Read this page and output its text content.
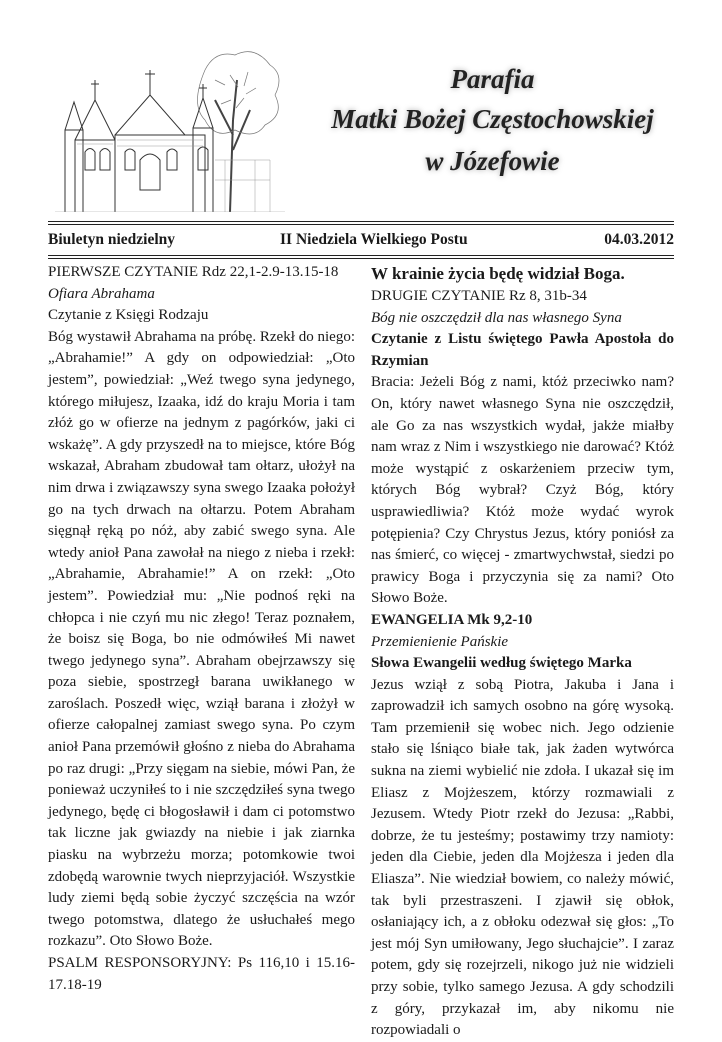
Parafia
Matki Bożej Częstochowskiej
w Józefowie
Biuletyn niedzielny	II Niedziela Wielkiego Postu	04.03.2012

PIERWSZE CZYTANIE Rdz 22,1-2.9-13.15-18

Ofiara Abrahama

Czytanie z Księgi Rodzaju

Bóg wystawił Abrahama na próbę. Rzekł do niego: „Abrahamie!” A gdy on odpowiedział: „Oto jestem”, powiedział: „Weź twego syna jedynego, którego miłujesz, Izaaka, idź do kraju Moria i tam złóż go w ofierze na jednym z pagórków, jaki ci wskażę”. A gdy przyszedł na to miejsce, które Bóg wskazał, Abraham zbudował tam ołtarz, ułożył na nim drwa i związawszy syna swego Izaaka położył go na tych drwach na ołtarzu. Potem Abraham sięgnął ręką po nóż, aby zabić swego syna. Ale wtedy anioł Pana zawołał na niego z nieba i rzekł: „Abrahamie, Abrahamie!” A on rzekł: „Oto jestem”. Powiedział mu: „Nie podnoś ręki na chłopca i nie czyń mu nic złego! Teraz poznałem, że boisz się Boga, bo nie odmówiłeś Mi nawet twego jedynego syna”. Abraham obejrzawszy się poza siebie, spostrzegł barana uwikłanego w zaroślach. Poszedł więc, wziął barana i złożył w ofierze całopalnej zamiast swego syna. Po czym anioł Pana przemówił głośno z nieba do Abrahama po raz drugi: „Przy sięgam na siebie, mówi Pan, że ponieważ uczyniłeś to i nie szczędziłeś syna twego jedynego, będę ci błogosławił i dam ci potomstwo tak liczne jak gwiazdy na niebie i jak ziarnka piasku na wybrzeżu morza; potomkowie twoi zdobędą warownie twych nieprzyjaciół. Wszystkie ludy ziemi będą sobie życzyć szczęścia na wzór twego potomstwa, dlatego że usłuchałeś mego rozkazu”. Oto Słowo Boże.

PSALM RESPONSORYJNY: Ps 116,10 i 15.16-17.18-19

W krainie życia będę widział Boga.

DRUGIE CZYTANIE Rz 8, 31b-34

Bóg nie oszczędził dla nas własnego Syna

Czytanie z Listu świętego Pawła Apostoła do Rzymian

Bracia: Jeżeli Bóg z nami, któż przeciwko nam? On, który nawet własnego Syna nie oszczędził, ale Go za nas wszystkich wydał, jakże miałby nam wraz z Nim i wszystkiego nie darować? Któż może wystąpić z oskarżeniem przeciw tym, których Bóg wybrał? Czyż Bóg, który usprawiedliwia? Któż może wydać wyrok potępienia? Czy Chrystus Jezus, który poniósł za nas śmierć, co więcej - zmartwychwstał, siedzi po prawicy Boga i przyczynia się za nami? Oto Słowo Boże.

EWANGELIA Mk 9,2-10

Przemienienie Pańskie

Słowa Ewangelii według świętego Marka

Jezus wziął z sobą Piotra, Jakuba i Jana i zaprowadził ich samych osobno na górę wysoką. Tam przemienił się wobec nich. Jego odzienie stało się lśniąco białe tak, jak żaden wytwórca sukna na ziemi wybielić nie zdoła. I ukazał się im Eliasz z Mojżeszem, którzy rozmawiali z Jezusem. Wtedy Piotr rzekł do Jezusa: „Rabbi, dobrze, że tu jesteśmy; postawimy trzy namioty: jeden dla Ciebie, jeden dla Mojżesza i jeden dla Eliasza”. Nie wiedział bowiem, co należy mówić, tak byli przestraszeni. I zjawił się obłok, osłaniający ich, a z obłoku odezwał się głos: „To jest mój Syn umiłowany, Jego słuchajcie”. I zaraz potem, gdy się rozejrzeli, nikogo już nie widzieli przy sobie, tylko samego Jezusa. A gdy schodzili z góry, przykazał im, aby nikomu nie rozpowiadali o
